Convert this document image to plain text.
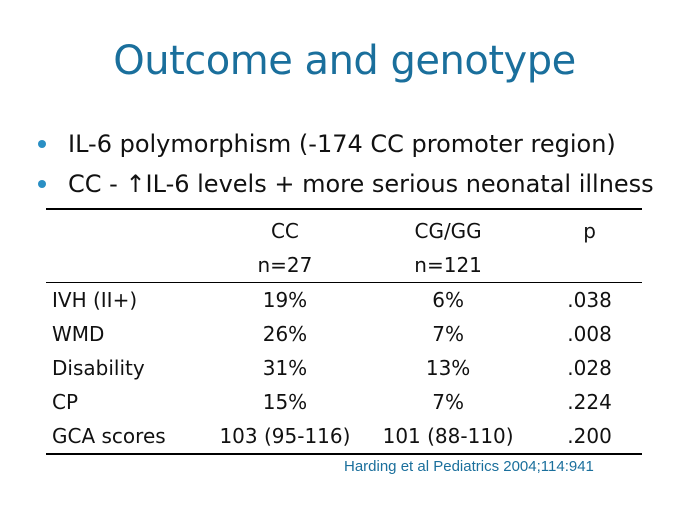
Outcome and genotype
IL-6 polymorphism (-174 CC promoter region)
CC - ↑IL-6 levels + more serious neonatal illness
	CC	CG/GG	p
	n=27	n=121	
IVH (II+)	19%	6%	.038
WMD	26%	7%	.008
Disability	31%	13%	.028
CP	15%	7%	.224
GCA scores	103 (95-116)	101 (88-110)	.200
Harding et al Pediatrics 2004;114:941
